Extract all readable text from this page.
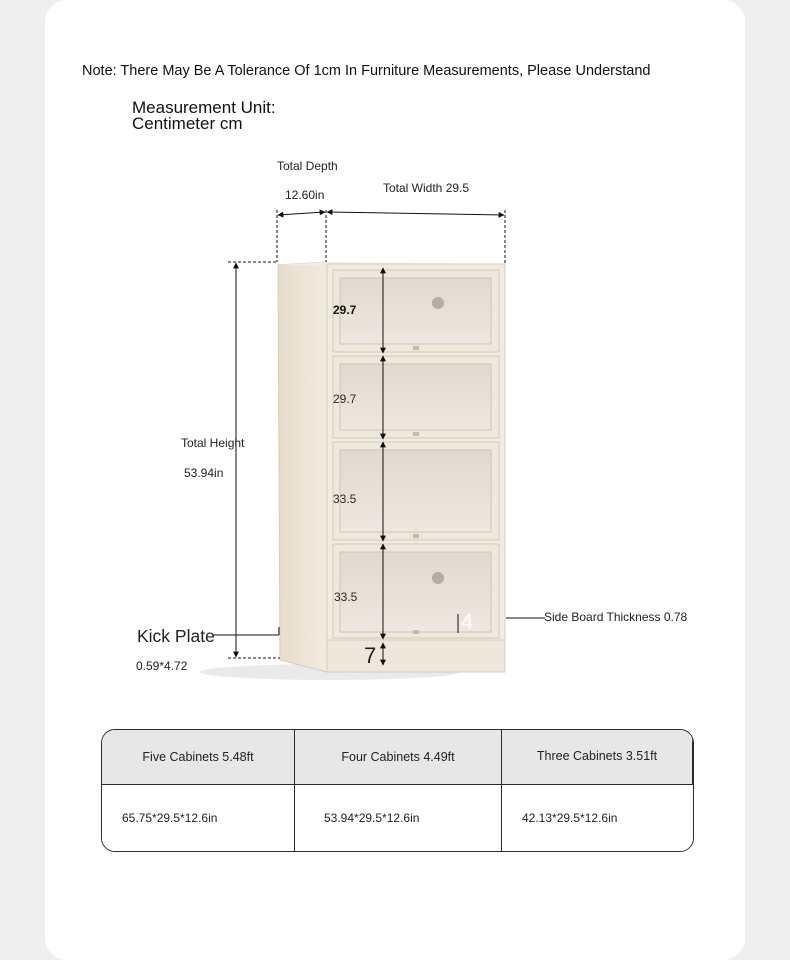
Note: There May Be A Tolerance Of 1cm In Furniture Measurements, Please Understand
Measurement Unit:
Centimeter cm
Total Depth
12.60in	Total Width 29.5
Total Height
53.94in
29.7
29.7
33.5
33.5
4
7
Kick Plate
0.59*4.72
Side Board Thickness 0.78
Five Cabinets 5.48ft	Four Cabinets 4.49ft	Three Cabinets 3.51ft
65.75*29.5*12.6in	53.94*29.5*12.6in	42.13*29.5*12.6in
